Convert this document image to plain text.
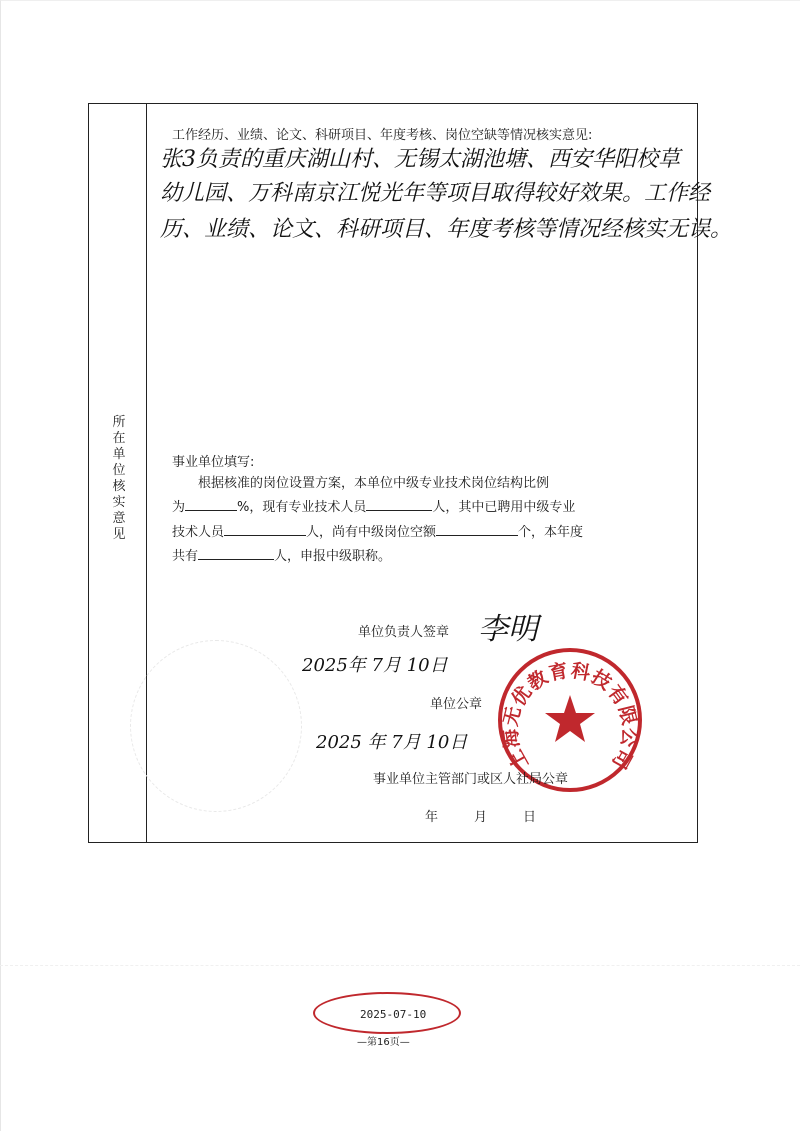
所在单位核实意见
工作经历、业绩、论文、科研项目、年度考核、岗位空缺等情况核实意见:
张3负责的重庆湖山村、无锡太湖池塘、西安华阳校草
幼儿园、万科南京江悦光年等项目取得较好效果。工作经
历、业绩、论文、科研项目、年度考核等情况经核实无误。
事业单位填写:
根据核准的岗位设置方案，本单位中级专业技术岗位结构比例
为	%，现有专业技术人员	人，其中已聘用中级专业
技术人员	人，尚有中级岗位空额	个，本年度
共有	人，申报中级职称。
单位负责人签章 李明
2025年 7月 10日
单位公章
2025 年 7月 10日
上海无优教育科技有限公司
事业单位主管部门或区人社局公章
年	月	日
2025-07-10
—第16页—
